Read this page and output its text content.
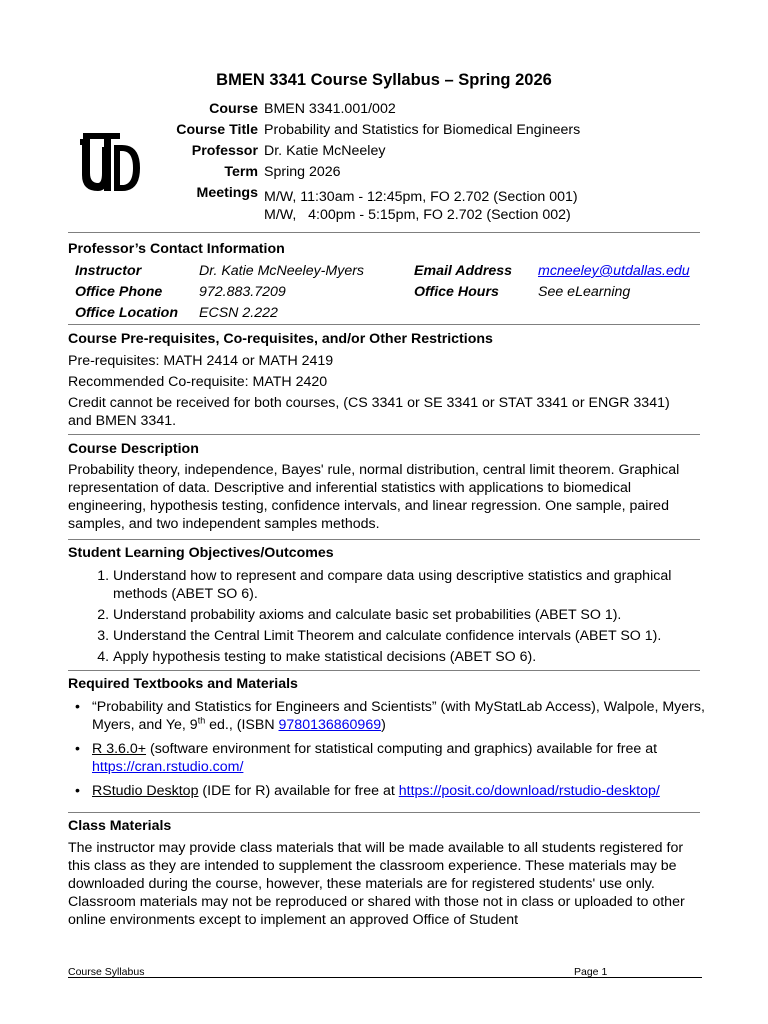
BMEN 3341 Course Syllabus – Spring 2026
Course BMEN 3341.001/002
Course Title Probability and Statistics for Biomedical Engineers
Professor Dr. Katie McNeeley
Term Spring 2026
Meetings M/W, 11:30am - 12:45pm, FO 2.702 (Section 001)
M/W,   4:00pm - 5:15pm, FO 2.702 (Section 002)
Professor’s Contact Information
Instructor	Dr. Katie McNeeley-Myers	Email Address	mcneeley@utdallas.edu
Office Phone	972.883.7209	Office Hours	See eLearning
Office Location	ECSN 2.222
Course Pre-requisites, Co-requisites, and/or Other Restrictions
Pre-requisites: MATH 2414 or MATH 2419
Recommended Co-requisite: MATH 2420
Credit cannot be received for both courses, (CS 3341 or SE 3341 or STAT 3341 or ENGR 3341) and BMEN 3341.
Course Description
Probability theory, independence, Bayes' rule, normal distribution, central limit theorem. Graphical representation of data. Descriptive and inferential statistics with applications to biomedical engineering, hypothesis testing, confidence intervals, and linear regression. One sample, paired samples, and two independent samples methods.
Student Learning Objectives/Outcomes
1. Understand how to represent and compare data using descriptive statistics and graphical methods (ABET SO 6).
2. Understand probability axioms and calculate basic set probabilities (ABET SO 1).
3. Understand the Central Limit Theorem and calculate confidence intervals (ABET SO 1).
4. Apply hypothesis testing to make statistical decisions (ABET SO 6).
Required Textbooks and Materials
• “Probability and Statistics for Engineers and Scientists” (with MyStatLab Access), Walpole, Myers, Myers, and Ye, 9th ed., (ISBN 9780136860969)
• R 3.6.0+ (software environment for statistical computing and graphics) available for free at https://cran.rstudio.com/
• RStudio Desktop (IDE for R) available for free at https://posit.co/download/rstudio-desktop/
Class Materials
The instructor may provide class materials that will be made available to all students registered for this class as they are intended to supplement the classroom experience. These materials may be downloaded during the course, however, these materials are for registered students' use only. Classroom materials may not be reproduced or shared with those not in class or uploaded to other online environments except to implement an approved Office of Student
Course Syllabus	Page 1
